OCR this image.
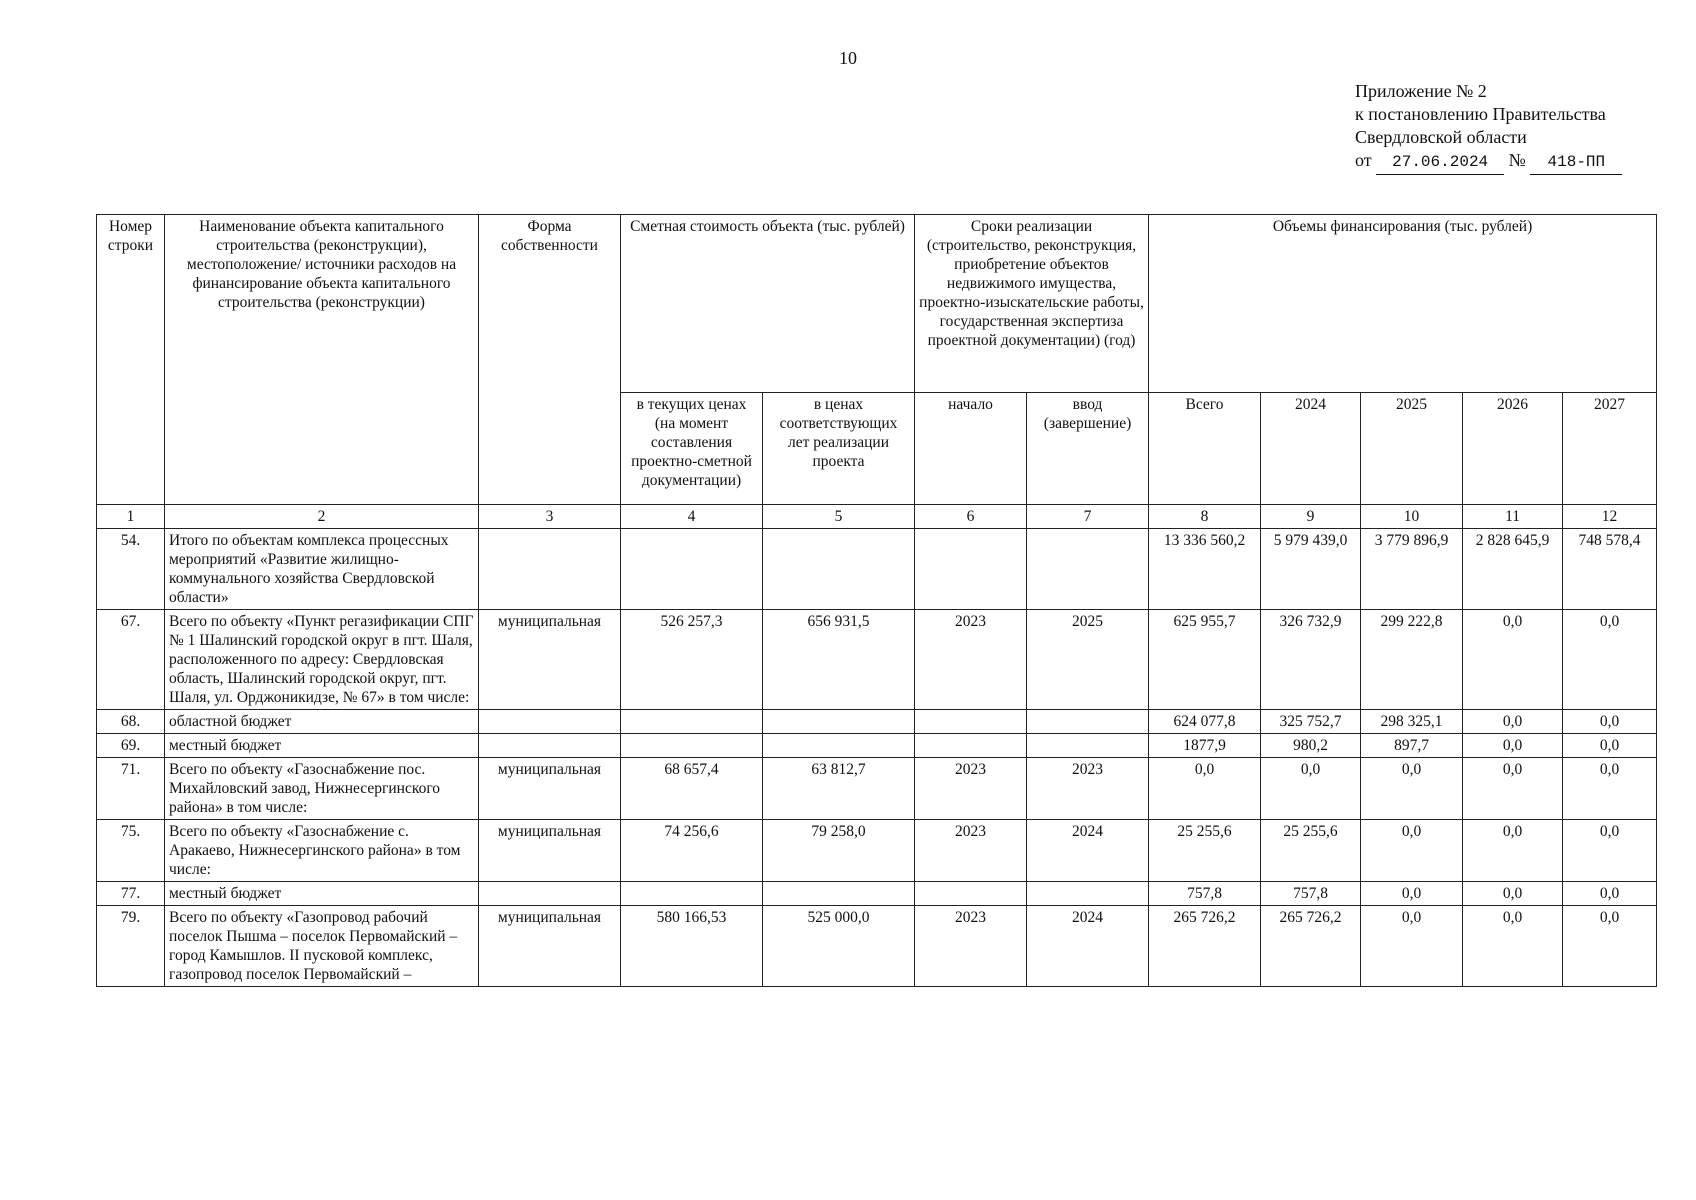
10
Приложение № 2
к постановлению Правительства
Свердловской области
от 27.06.2024 № 418-ПП
Номер строки	Наименование объекта капитального строительства (реконструкции), местоположение/ источники расходов на финансирование объекта капитального строительства (реконструкции)	Форма собственности	Сметная стоимость объекта (тыс. рублей)		Сроки реализации (строительство, реконструкция, приобретение объектов недвижимого имущества, проектно-изыскательские работы, государственная экспертиза проектной документации) (год)		Объемы финансирования (тыс. рублей)				
			в текущих ценах (на момент составления проектно-сметной документации)	в ценах соответствующих лет реализации проекта	начало	ввод (завершение)	Всего	2024	2025	2026	2027
1	2	3	4	5	6	7	8	9	10	11	12
54.	Итого по объектам комплекса процессных мероприятий «Развитие жилищно-коммунального хозяйства Свердловской области»						13 336 560,2	5 979 439,0	3 779 896,9	2 828 645,9	748 578,4
67.	Всего по объекту «Пункт регазификации СПГ № 1 Шалинский городской округ в пгт. Шаля, расположенного по адресу: Свердловская область, Шалинский городской округ, пгт. Шаля, ул. Орджоникидзе, № 67» в том числе:	муниципальная	526 257,3	656 931,5	2023	2025	625 955,7	326 732,9	299 222,8	0,0	0,0
68.	областной бюджет						624 077,8	325 752,7	298 325,1	0,0	0,0
69.	местный бюджет						1877,9	980,2	897,7	0,0	0,0
71.	Всего по объекту «Газоснабжение пос. Михайловский завод, Нижнесергинского района» в том числе:	муниципальная	68 657,4	63 812,7	2023	2023	0,0	0,0	0,0	0,0	0,0
75.	Всего по объекту «Газоснабжение с. Аракаево, Нижнесергинского района» в том числе:	муниципальная	74 256,6	79 258,0	2023	2024	25 255,6	25 255,6	0,0	0,0	0,0
77.	местный бюджет						757,8	757,8	0,0	0,0	0,0
79.	Всего по объекту «Газопровод рабочий поселок Пышма – поселок Первомайский – город Камышлов. II пусковой комплекс, газопровод поселок Первомайский –	муниципальная	580 166,53	525 000,0	2023	2024	265 726,2	265 726,2	0,0	0,0	0,0
